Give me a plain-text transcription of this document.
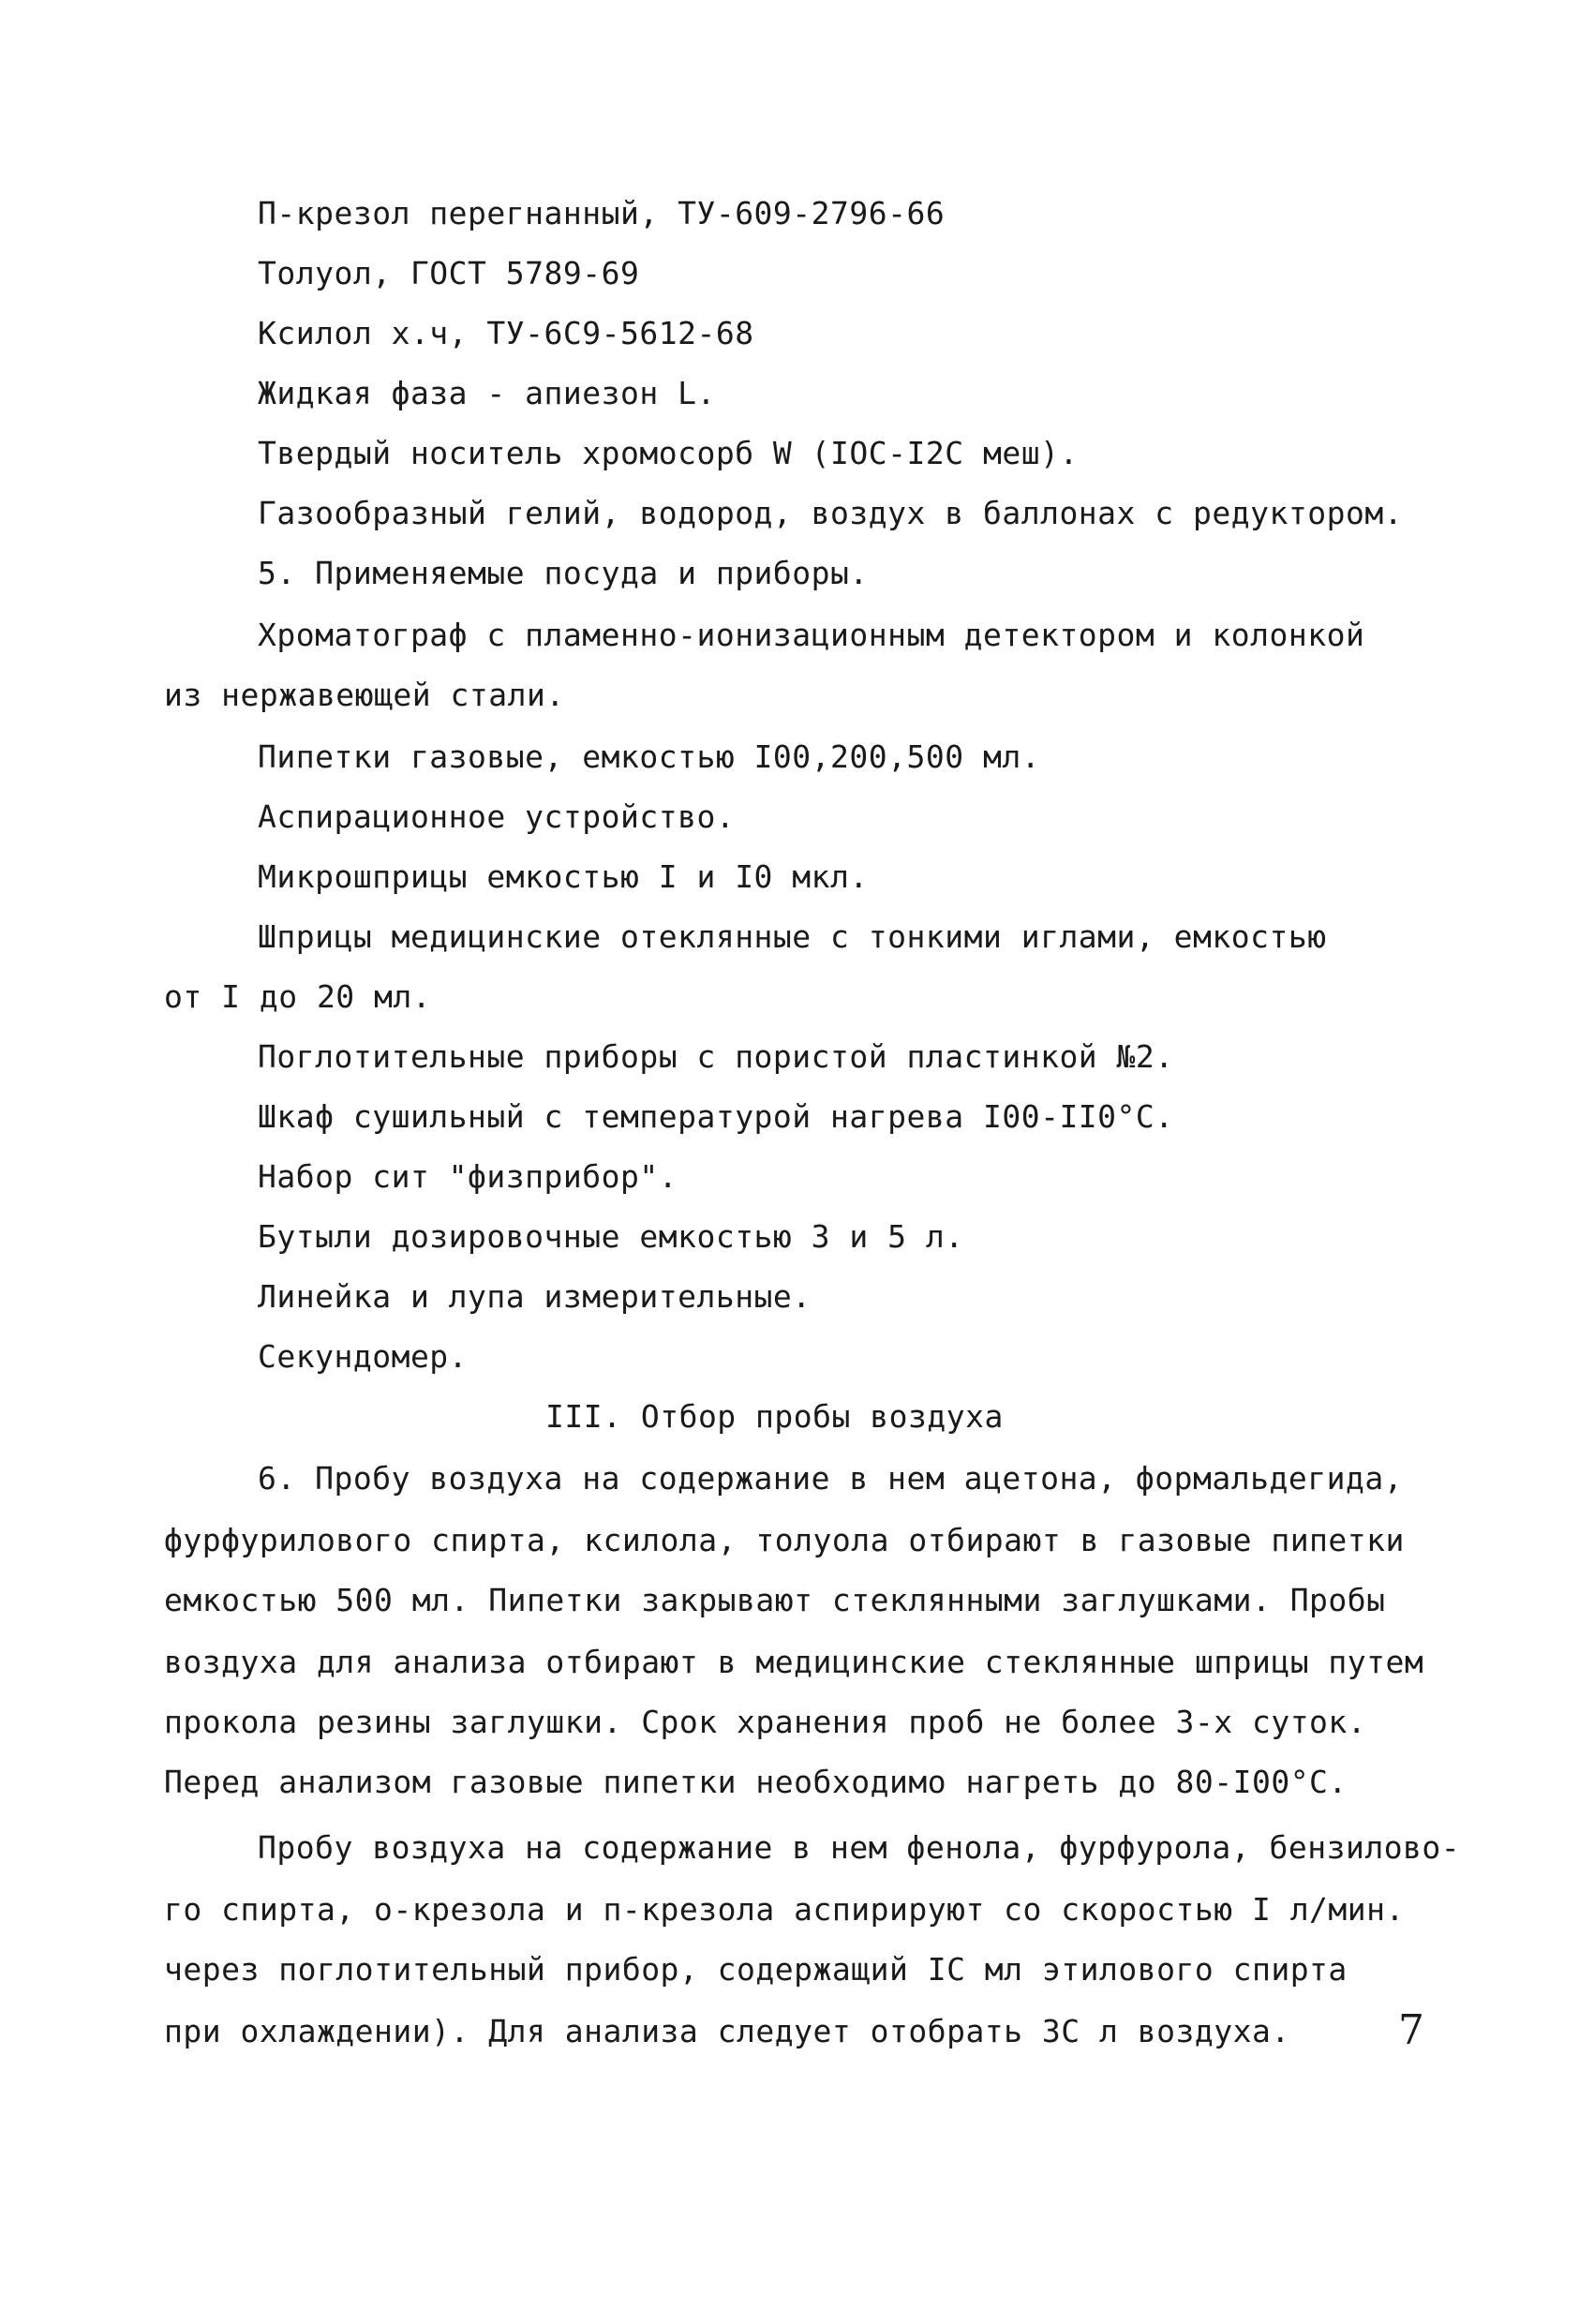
П-крезол перегнанный, ТУ-609-2796-66
Толуол, ГОСТ 5789-69
Ксилол х.ч, ТУ-6С9-5612-68
Жидкая фаза - апиезон L.
Твердый носитель хромосорб W (IOC-I2C меш).
Газообразный гелий, водород, воздух в баллонах с редуктором.
5. Применяемые посуда и приборы.
Хроматограф с пламенно-ионизационным детектором и колонкой
из нержавеющей стали.
Пипетки газовые, емкостью I00,200,500 мл.
Аспирационное устройство.
Микрошприцы емкостью I и I0 мкл.
Шприцы медицинские отеклянные с тонкими иглами, емкостью
от I до 20 мл.
Поглотительные приборы с пористой пластинкой №2.
Шкаф сушильный с температурой нагрева I00-II0°С.
Набор сит "физприбор".
Бутыли дозировочные емкостью 3 и 5 л.
Линейка и лупа измерительные.
Секундомер.
III. Отбор пробы воздуха
6. Пробу воздуха на содержание в нем ацетона, формальдегида,
фурфурилового спирта, ксилола, толуола отбирают в газовые пипетки
емкостью 500 мл. Пипетки закрывают стеклянными заглушками. Пробы
воздуха для анализа отбирают в медицинские стеклянные шприцы путем
прокола резины заглушки. Срок хранения проб не более 3-х суток.
Перед анализом газовые пипетки необходимо нагреть до 80-I00°С.
Пробу воздуха на содержание в нем фенола, фурфурола, бензилово-
го спирта, о-крезола и п-крезола аспирируют со скоростью I л/мин.
через поглотительный прибор, содержащий IC мл этилового спирта
при охлаждении). Для анализа следует отобрать 3С л воздуха.	7
